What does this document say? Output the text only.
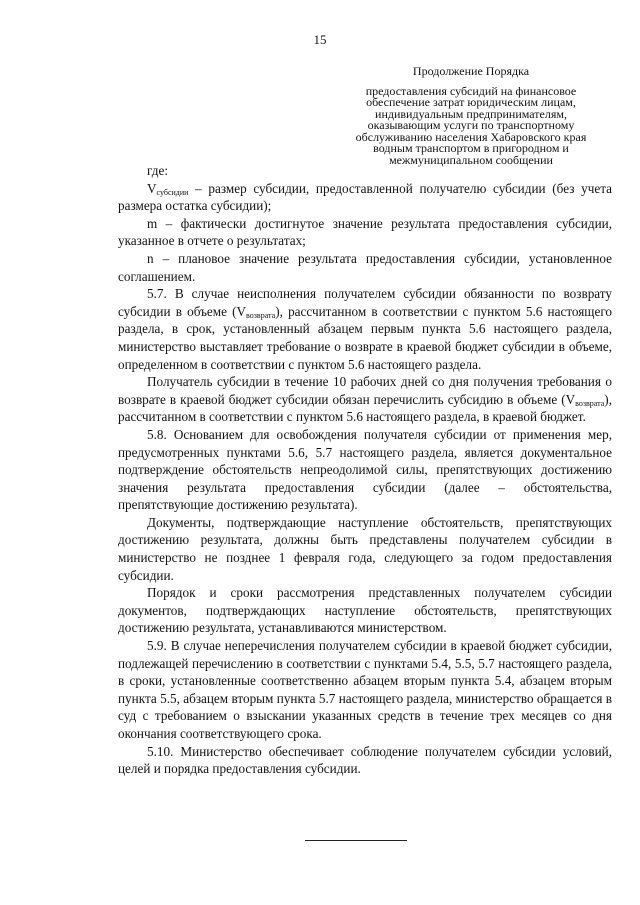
15
Продолжение Порядка
предоставления субсидий на финансовое
обеспечение затрат юридическим лицам,
индивидуальным предпринимателям,
оказывающим услуги по транспортному
обслуживанию населения Хабаровского края
водным транспортом в пригородном и
межмуниципальном сообщении

где:

$V_{субсидии}$ – размер субсидии, предоставленной получателю субсидии (без учета размера остатка субсидии);

m – фактически достигнутое значение результата предоставления субсидии, указанное в отчете о результатах;

n – плановое значение результата предоставления субсидии, установленное соглашением.

5.7. В случае неисполнения получателем субсидии обязанности по возврату субсидии в объеме $(V_{возврата})$, рассчитанном в соответствии с пунктом 5.6 настоящего раздела, в срок, установленный абзацем первым пункта 5.6 настоящего раздела, министерство выставляет требование о возврате в краевой бюджет субсидии в объеме, определенном в соответствии с пунктом 5.6 настоящего раздела.

Получатель субсидии в течение 10 рабочих дней со дня получения требования о возврате в краевой бюджет субсидии обязан перечислить субсидию в объеме $(V_{возврата})$, рассчитанном в соответствии с пунктом 5.6 настоящего раздела, в краевой бюджет.

5.8. Основанием для освобождения получателя субсидии от применения мер, предусмотренных пунктами 5.6, 5.7 настоящего раздела, является документальное подтверждение обстоятельств непреодолимой силы, препятствующих достижению значения результата предоставления субсидии (далее – обстоятельства, препятствующие достижению результата).

Документы, подтверждающие наступление обстоятельств, препятствующих достижению результата, должны быть представлены получателем субсидии в министерство не позднее 1 февраля года, следующего за годом предоставления субсидии.

Порядок и сроки рассмотрения представленных получателем субсидии документов, подтверждающих наступление обстоятельств, препятствующих достижению результата, устанавливаются министерством.

5.9. В случае неперечисления получателем субсидии в краевой бюджет субсидии, подлежащей перечислению в соответствии с пунктами 5.4, 5.5, 5.7 настоящего раздела, в сроки, установленные соответственно абзацем вторым пункта 5.4, абзацем вторым пункта 5.5, абзацем вторым пункта 5.7 настоящего раздела, министерство обращается в суд с требованием о взыскании указанных средств в течение трех месяцев со дня окончания соответствующего срока.

5.10. Министерство обеспечивает соблюдение получателем субсидии условий, целей и порядка предоставления субсидии.
